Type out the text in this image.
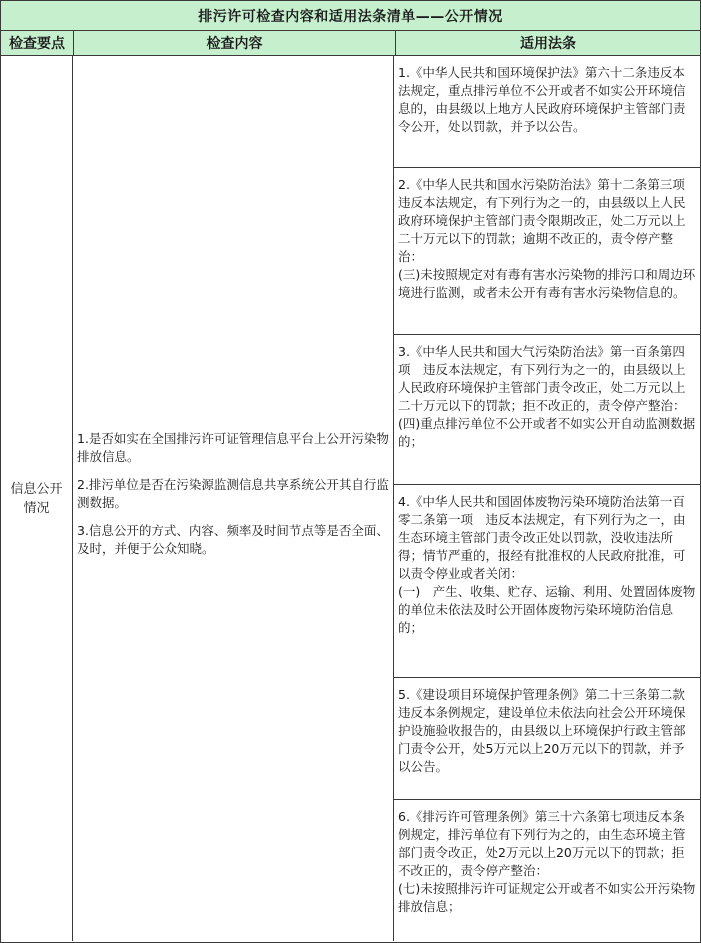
排污许可检查内容和适用法条清单——公开情况
检查要点	检查内容	适用法条
信息公开情况

1.是否如实在全国排污许可证管理信息平台上公开污染物排放信息。

2.排污单位是否在污染源监测信息共享系统公开其自行监测数据。

3.信息公开的方式、内容、频率及时间节点等是否全面、及时，并便于公众知晓。

1.《中华人民共和国环境保护法》第六十二条违反本法规定，重点排污单位不公开或者不如实公开环境信息的，由县级以上地方人民政府环境保护主管部门责令公开，处以罚款，并予以公告。
2.《中华人民共和国水污染防治法》第十二条第三项　违反本法规定，有下列行为之一的，由县级以上人民政府环境保护主管部门责令限期改正，处二万元以上二十万元以下的罚款；逾期不改正的，责令停产整治：
(三)未按照规定对有毒有害水污染物的排污口和周边环境进行监测，或者未公开有毒有害水污染物信息的。
3.《中华人民共和国大气污染防治法》第一百条第四项　违反本法规定，有下列行为之一的，由县级以上人民政府环境保护主管部门责令改正，处二万元以上二十万元以下的罚款；拒不改正的，责令停产整治：
(四)重点排污单位不公开或者不如实公开自动监测数据的；
4.《中华人民共和国固体废物污染环境防治法第一百零二条第一项　违反本法规定，有下列行为之一，由生态环境主管部门责令改正处以罚款，没收违法所得；情节严重的，报经有批准权的人民政府批准，可以责令停业或者关闭：
(一)　产生、收集、贮存、运输、利用、处置固体废物的单位未依法及时公开固体废物污染环境防治信息的；
5.《建设项目环境保护管理条例》第二十三条第二款　违反本条例规定，建设单位未依法向社会公开环境保护设施验收报告的，由县级以上环境保护行政主管部门责令公开，处5万元以上20万元以下的罚款，并予以公告。
6.《排污许可管理条例》第三十六条第七项违反本条例规定，排污单位有下列行为之的，由生态环境主管部门责令改正，处2万元以上20万元以下的罚款；拒不改正的，责令停产整治：
(七)未按照排污许可证规定公开或者不如实公开污染物排放信息；
